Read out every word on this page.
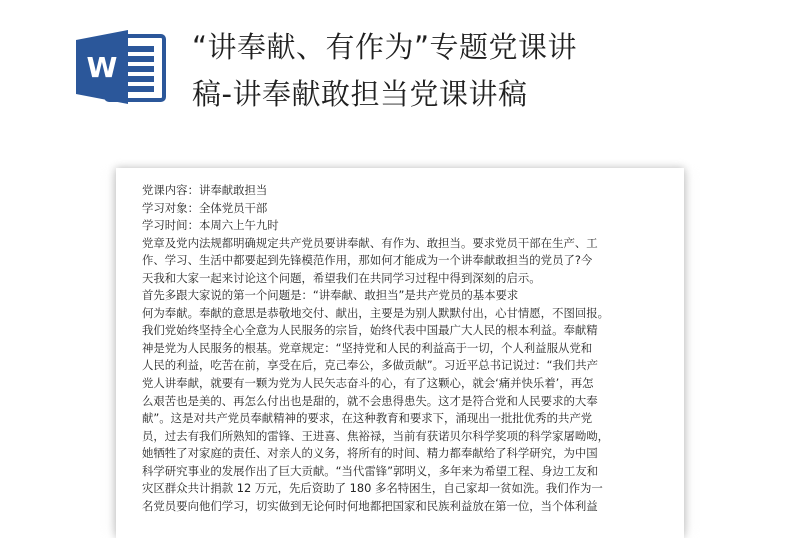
W
“讲奉献、有作为”专题党课讲
稿-讲奉献敢担当党课讲稿

党课内容：讲奉献敢担当

学习对象：全体党员干部

学习时间：本周六上午九时

党章及党内法规都明确规定共产党员要讲奉献、有作为、敢担当。要求党员干部在生产、工

作、学习、生活中都要起到先锋模范作用，那如何才能成为一个讲奉献敢担当的党员了?今

天我和大家一起来讨论这个问题，希望我们在共同学习过程中得到深刻的启示。

首先多跟大家说的第一个问题是：“讲奉献、敢担当”是共产党员的基本要求

何为奉献。奉献的意思是恭敬地交付、献出，主要是为别人默默付出，心甘情愿，不图回报。

我们党始终坚持全心全意为人民服务的宗旨，始终代表中国最广大人民的根本利益。奉献精

神是党为人民服务的根基。党章规定：“坚持党和人民的利益高于一切，个人利益服从党和

人民的利益，吃苦在前，享受在后，克己奉公，多做贡献”。习近平总书记说过：“我们共产

党人讲奉献，就要有一颗为党为人民矢志奋斗的心，有了这颗心，就会‘痛并快乐着’，再怎

么艰苦也是美的、再怎么付出也是甜的，就不会患得患失。这才是符合党和人民要求的大奉

献”。这是对共产党员奉献精神的要求，在这种教育和要求下，涌现出一批批优秀的共产党

员，过去有我们所熟知的雷锋、王进喜、焦裕禄，当前有获诺贝尔科学奖项的科学家屠呦呦，

她牺牲了对家庭的责任、对亲人的义务，将所有的时间、精力都奉献给了科学研究，为中国

科学研究事业的发展作出了巨大贡献。“当代雷锋”郭明义，多年来为希望工程、身边工友和

灾区群众共计捐款 12 万元，先后资助了 180 多名特困生，自己家却一贫如洗。我们作为一

名党员要向他们学习，切实做到无论何时何地都把国家和民族利益放在第一位，当个体利益
